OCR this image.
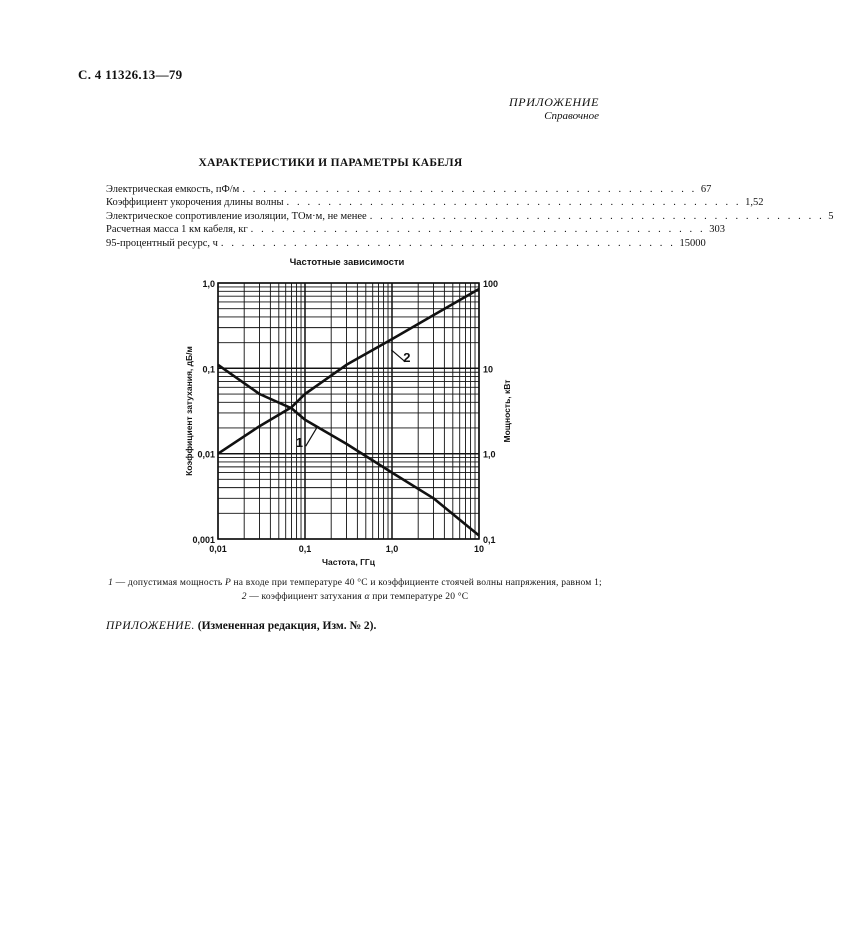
С. 4 11326.13—79
ПРИЛОЖЕНИЕ
Справочное
ХАРАКТЕРИСТИКИ И ПАРАМЕТРЫ КАБЕЛЯ
Электрическая емкость, пФ/м . . . . . . . . . . . . . . . . . . . . . . . . . . . . . . . . . . . . . . . . . . . . 67
Коэффициент укорочения длины волны . . . . . . . . . . . . . . . . . . . . . . . . . . . . . . . . . . . . . . . . . . . . 1,52
Электрическое сопротивление изоляции, ТОм·м, не менее . . . . . . . . . . . . . . . . . . . . . . . . . . . . . . . . . . . . . . . . . . . . 5
Расчетная масса 1 км кабеля, кг . . . . . . . . . . . . . . . . . . . . . . . . . . . . . . . . . . . . . . . . . . . . 303
95-процентный ресурс, ч . . . . . . . . . . . . . . . . . . . . . . . . . . . . . . . . . . . . . . . . . . . . 15000
Частотные зависимости
1
2
0,01	0,1	1,0	10
1,0
0,1
0,01
0,001
100
10
1,0
0,1
Коэффициент затухания, дБ/м	Мощность, кВт
Частота, ГГц
1 — допустимая мощность P на входе при температуре 40 °С и коэффициенте стоячей волны напряжения, равном 1;
2 — коэффициент затухания α при температуре 20 °С
ПРИЛОЖЕНИЕ. (Измененная редакция, Изм. № 2).
